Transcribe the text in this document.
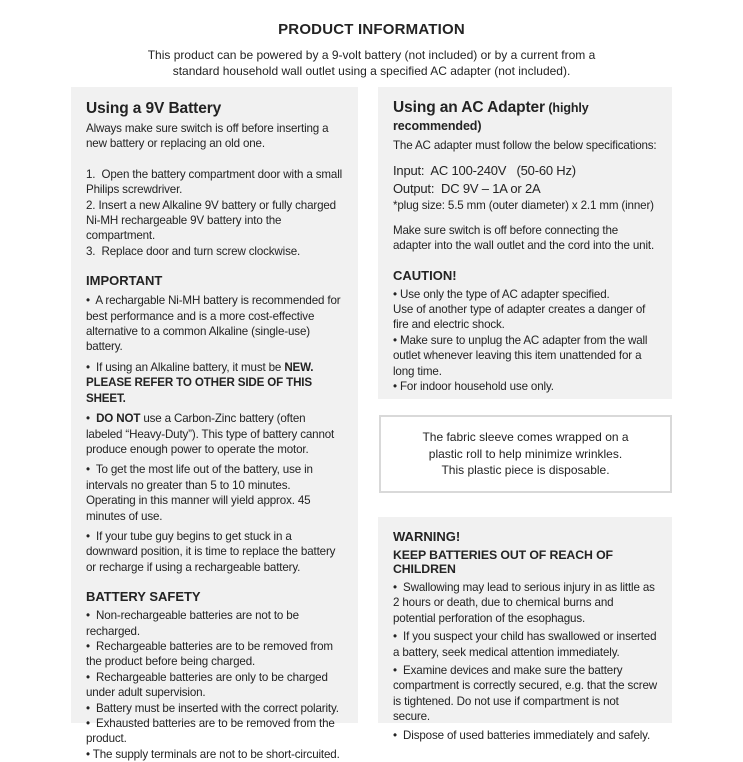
PRODUCT INFORMATION
This product can be powered by a 9-volt battery (not included) or by a current from a
standard household wall outlet using a specified AC adapter (not included).
Using a 9V Battery
Always make sure switch is off before inserting a new battery or replacing an old one.
1.  Open the battery compartment door with a small Philips screwdriver.
2. Insert a new Alkaline 9V battery or fully charged Ni-MH rechargeable 9V battery into the compartment.
3.  Replace door and turn screw clockwise.
IMPORTANT
•  A rechargable Ni-MH battery is recommended for best performance and is a more cost-effective alternative to a common Alkaline (single-use) battery.
•  If using an Alkaline battery, it must be NEW.
PLEASE REFER TO OTHER SIDE OF THIS SHEET.
•  DO NOT use a Carbon-Zinc battery (often labeled “Heavy-Duty”). This type of battery cannot produce enough power to operate the motor.
•  To get the most life out of the battery, use in intervals no greater than 5 to 10 minutes. Operating in this manner will yield approx. 45 minutes of use.
•  If your tube guy begins to get stuck in a downward position, it is time to replace the battery or recharge if using a rechargeable battery.
BATTERY SAFETY
•  Non-rechargeable batteries are not to be recharged.
•  Rechargeable batteries are to be removed from the product before being charged.
•  Rechargeable batteries are only to be charged under adult supervision.
•  Battery must be inserted with the correct polarity.
•  Exhausted batteries are to be removed from the product.
• The supply terminals are not to be short-circuited.
Using an AC Adapter (highly recommended)
The AC adapter must follow the below specifications:
Input:  AC 100-240V   (50-60 Hz)
Output:  DC 9V – 1A or 2A
*plug size: 5.5 mm (outer diameter) x 2.1 mm (inner)
Make sure switch is off before connecting the adapter into the wall outlet and the cord into the unit.
CAUTION!
• Use only the type of AC adapter specified.
Use of another type of adapter creates a danger of fire and electric shock.
• Make sure to unplug the AC adapter from the wall outlet whenever leaving this item unattended for a long time.
• For indoor household use only.
The fabric sleeve comes wrapped on a
plastic roll to help minimize wrinkles.
This plastic piece is disposable.
WARNING!
KEEP BATTERIES OUT OF REACH OF CHILDREN
•  Swallowing may lead to serious injury in as little as 2 hours or death, due to chemical burns and potential perforation of the esophagus.
•  If you suspect your child has swallowed or inserted a battery, seek medical attention immediately.
•  Examine devices and make sure the battery compartment is correctly secured, e.g. that the screw is tightened. Do not use if compartment is not secure.
•  Dispose of used batteries immediately and safely.
